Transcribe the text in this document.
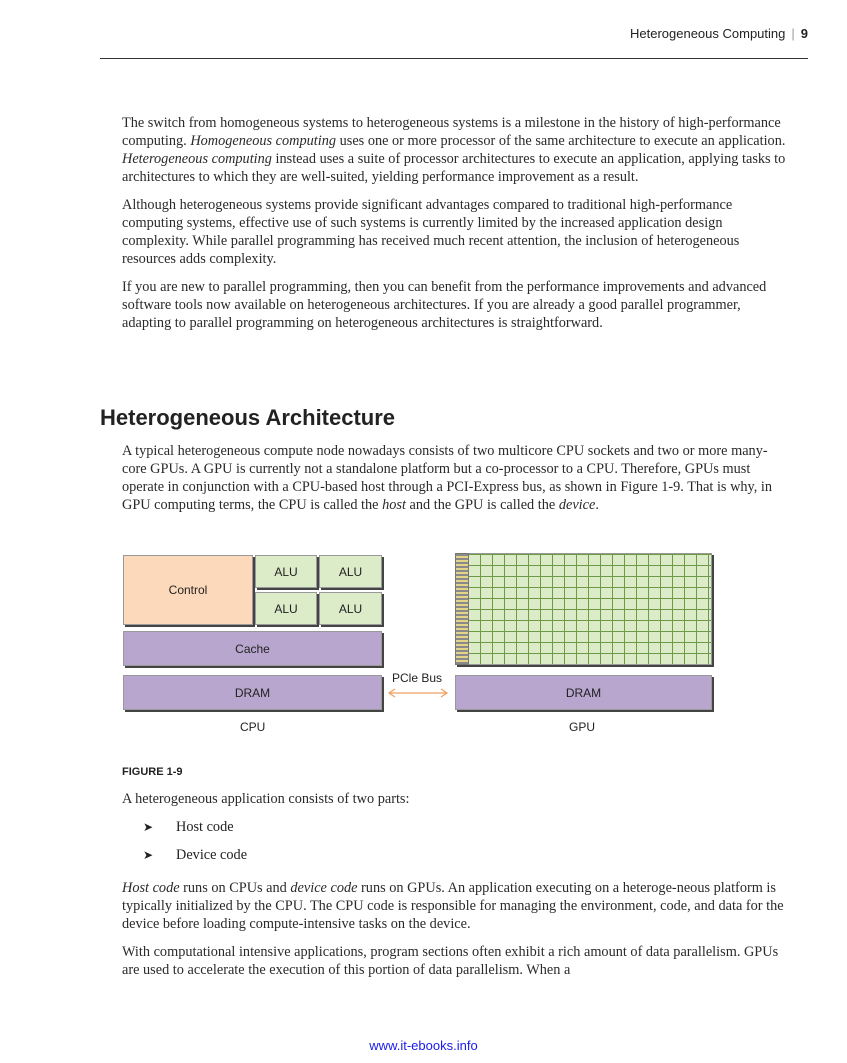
Heterogeneous Computing | 9

The switch from homogeneous systems to heterogeneous systems is a milestone in the history of high-performance computing. Homogeneous computing uses one or more processor of the same architecture to execute an application. Heterogeneous computing instead uses a suite of processor architectures to execute an application, applying tasks to architectures to which they are well-suited, yielding performance improvement as a result.

Although heterogeneous systems provide significant advantages compared to traditional high-performance computing systems, effective use of such systems is currently limited by the increased application design complexity. While parallel programming has received much recent attention, the inclusion of heterogeneous resources adds complexity.

If you are new to parallel programming, then you can benefit from the performance improvements and advanced software tools now available on heterogeneous architectures. If you are already a good parallel programmer, adapting to parallel programming on heterogeneous architectures is straightforward.

Heterogeneous Architecture

A typical heterogeneous compute node nowadays consists of two multicore CPU sockets and two or more many-core GPUs. A GPU is currently not a standalone platform but a co-processor to a CPU. Therefore, GPUs must operate in conjunction with a CPU-based host through a PCI-Express bus, as shown in Figure 1-9. That is why, in GPU computing terms, the CPU is called the host and the GPU is called the device.

Control
ALU	ALU
ALU	ALU
Cache
DRAM
PCle Bus
DRAM
CPU	GPU
FIGURE 1-9

A heterogeneous application consists of two parts:

➤ Host code
➤ Device code

Host code runs on CPUs and device code runs on GPUs. An application executing on a heteroge-neous platform is typically initialized by the CPU. The CPU code is responsible for managing the environment, code, and data for the device before loading compute-intensive tasks on the device.

With computational intensive applications, program sections often exhibit a rich amount of data parallelism. GPUs are used to accelerate the execution of this portion of data parallelism. When a

www.it-ebooks.info
